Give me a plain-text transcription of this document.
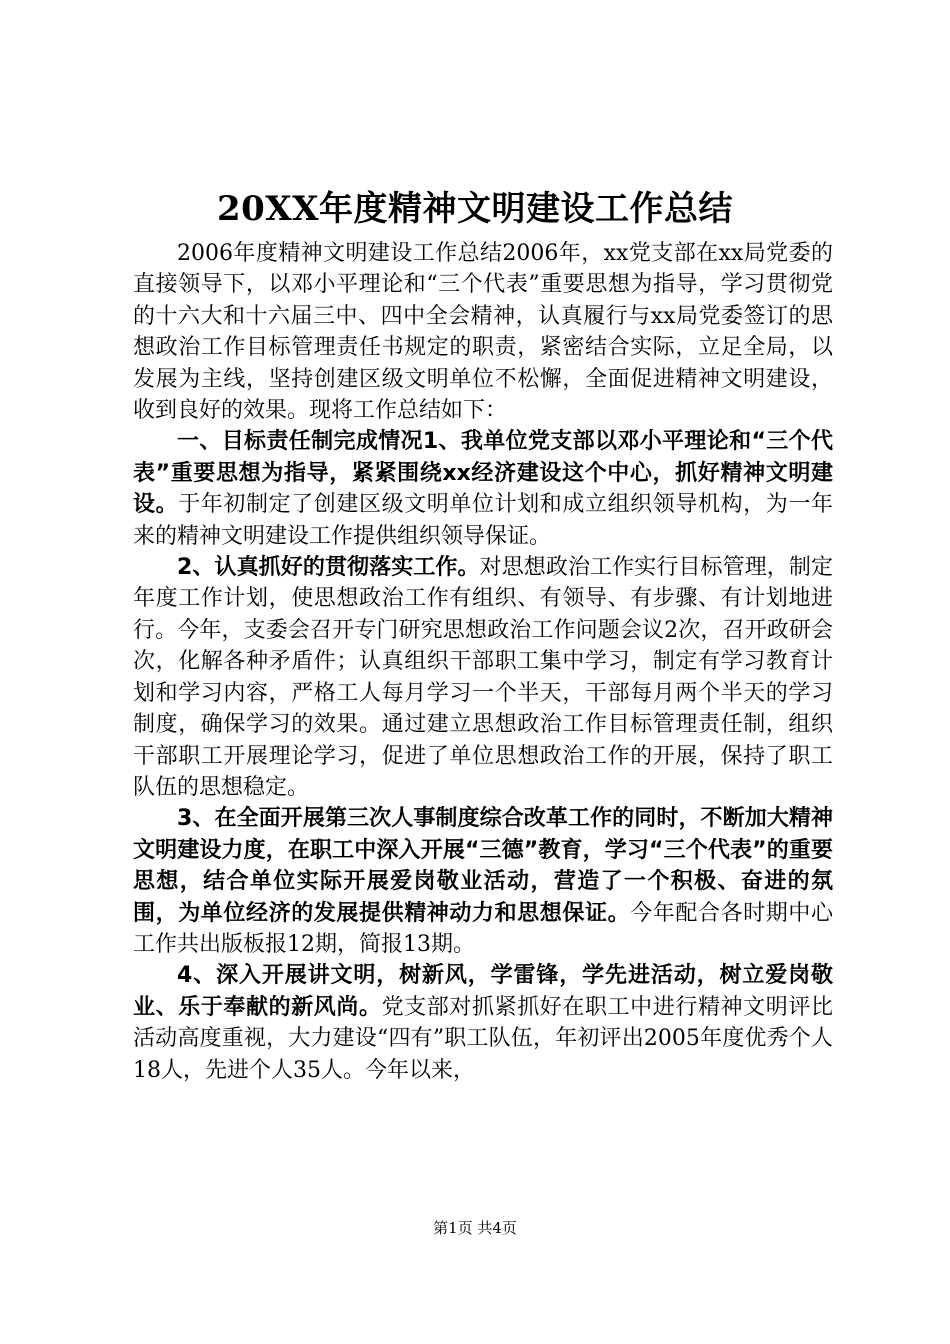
20XX年度精神文明建设工作总结

2006年度精神文明建设工作总结2006年，xx党支部在xx局党委的直接领导下，以邓小平理论和“三个代表”重要思想为指导，学习贯彻党的十六大和十六届三中、四中全会精神，认真履行与xx局党委签订的思想政治工作目标管理责任书规定的职责，紧密结合实际，立足全局，以发展为主线，坚持创建区级文明单位不松懈，全面促进精神文明建设，收到良好的效果。现将工作总结如下：

一、目标责任制完成情况1、我单位党支部以邓小平理论和“三个代表”重要思想为指导，紧紧围绕xx经济建设这个中心，抓好精神文明建设。于年初制定了创建区级文明单位计划和成立组织领导机构，为一年来的精神文明建设工作提供组织领导保证。

2、认真抓好的贯彻落实工作。对思想政治工作实行目标管理，制定年度工作计划，使思想政治工作有组织、有领导、有步骤、有计划地进行。今年，支委会召开专门研究思想政治工作问题会议2次，召开政研会次，化解各种矛盾件；认真组织干部职工集中学习，制定有学习教育计划和学习内容，严格工人每月学习一个半天，干部每月两个半天的学习制度，确保学习的效果。通过建立思想政治工作目标管理责任制，组织干部职工开展理论学习，促进了单位思想政治工作的开展，保持了职工队伍的思想稳定。

3、在全面开展第三次人事制度综合改革工作的同时，不断加大精神文明建设力度，在职工中深入开展“三德”教育，学习“三个代表”的重要思想，结合单位实际开展爱岗敬业活动，营造了一个积极、奋进的氛围，为单位经济的发展提供精神动力和思想保证。今年配合各时期中心工作共出版板报12期，简报13期。

4、深入开展讲文明，树新风，学雷锋，学先进活动，树立爱岗敬业、乐于奉献的新风尚。党支部对抓紧抓好在职工中进行精神文明评比活动高度重视，大力建设“四有”职工队伍，年初评出2005年度优秀个人18人，先进个人35人。今年以来，

第1页 共4页
